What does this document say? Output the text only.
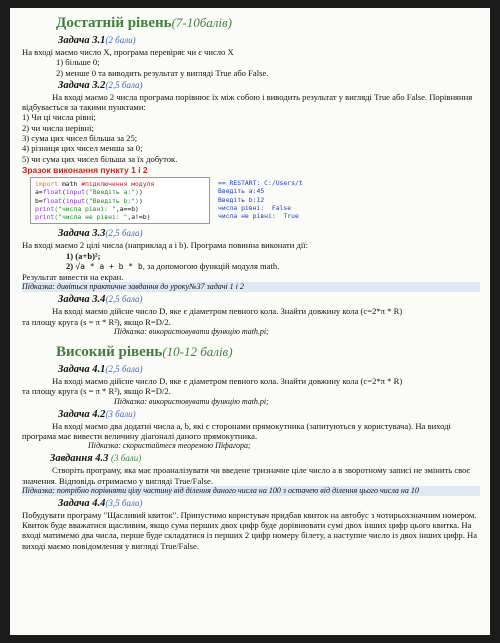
Достатній рівень(7-10балів)
Задача 3.1(2 бали)

На вході маємо число X, програма перевіряє чи є число X

1) більше 0;
2) менше 0 та виводить результат у вигляді True або False.
Задача 3.2(2,5 бала)

На вході маємо 2 числа програма порівнює їх між собою і виводить результат у вигляді True або False. Порівняння відбувається за такими пунктами:

1) Чи ці числа рівні;

2) чи числа нерівні;

3) сума цих чисел більша за 25;

4) різниця цих чисел менша за 0;

5) чи сума цих чисел більша за їх добуток.

Зразок виконання пункту 1 і 2
import math #підключення модуля
a=float(input("Введіть a:"))
b=float(input("Введіть b:"))
print("числа рівні: ",a==b)
print("числа не рівні: ",a!=b)
== RESTART: C:/Users/t
Введіть a:45
Введіть b:12
числа рівні:  False
числа не рівні:  True
Задача 3.3(2,5 бала)

На вході маємо 2 цілі числа (наприклад a і b). Програма повинна виконати дії:

1) (a+b)²;

2) √a * a + b * b, за допомогою функцій модуля math.

Результат вивести на екран.

Підказка: дивіться практичне завдання до уроку№37 задачі 1 і 2

Задача 3.4(2,5 бала)

На вході маємо дійсне число D, яке є діаметром певного кола. Знайти довжину кола (c=2*π * R)

та площу круга (s = π * R²), якщо R=D/2.

Підказка: використовувати функцію math.pi;

Високий рівень(10-12 балів)
Задача 4.1(2,5 бала)

На вході маємо дійсне число D, яке є діаметром певного кола. Знайти довжину кола (c=2*π * R)

та площу круга (s = π * R²), якщо R=D/2.

Підказка: використовувати функцію math.pi;

Задача 4.2(3 бали)

На вході маємо два додатні числа a, b, які є сторонами прямокутника (запитуються у користувача). На виході програма має вивести величину діагоналі даного прямокутника.

Підказка: скористайтеся теоремою Піфагора;

Завдання 4.3 (3 бали)

Створіть програму, яка має проаналізувати чи введене тризначне ціле число a в зворотному записі не змінить своє значення. Відповідь отримаємо у вигляді True/False.

Підказка: потрібно порівняти цілу частину від ділення даного числа на 100 з остачею від ділення цього числа на 10

Задача 4.4(3,5 бала)

Побудувати програму "Щасливий квиток". Припустимо користувач придбав квиток на автобус з чотирьохзначним номером. Квиток буде вважатися щасливим, якщо сума перших двох цифр буде дорівнювати сумі двох інших цифр цього квитка. На вході матимемо два числа, перше буде складатися із перших 2 цифр номеру білету, а наступне число із двох інших цифр. На виході маємо повідомлення у вигляді True/False.
